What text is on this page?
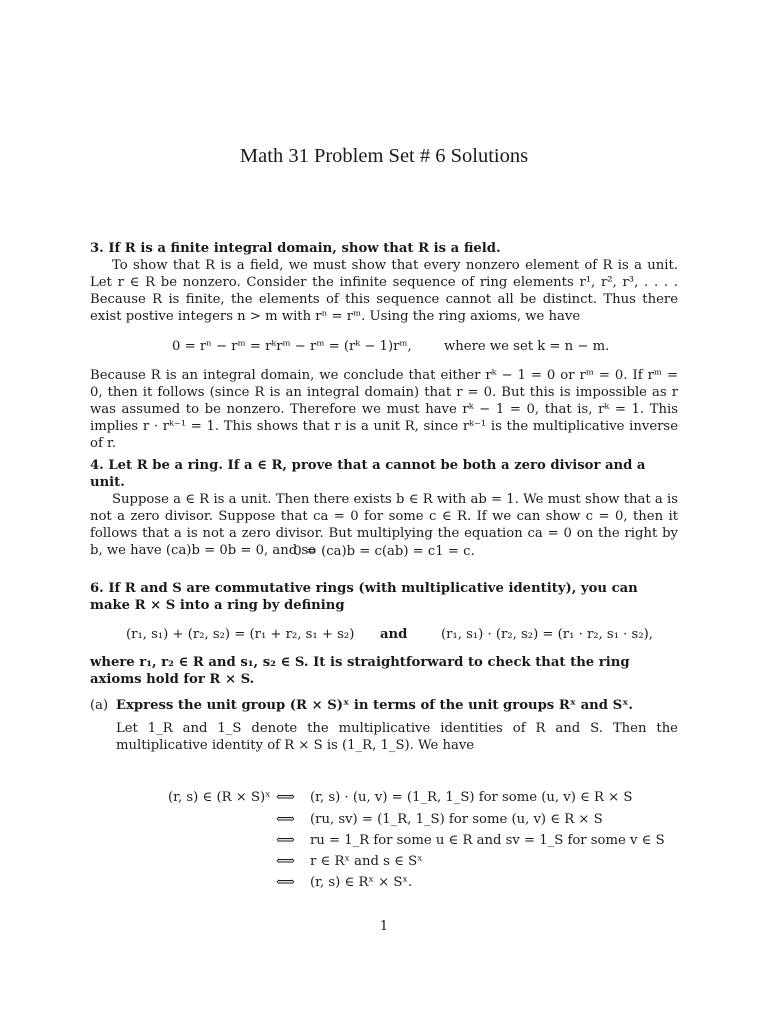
Math 31 Problem Set # 6 Solutions

3. If R is a finite integral domain, show that R is a field.

To show that R is a field, we must show that every nonzero element of R is a unit. Let r ∈ R be nonzero. Consider the infinite sequence of ring elements r¹, r², r³, . . . . Because R is finite, the elements of this sequence cannot all be distinct. Thus there exist postive integers n > m with rⁿ = rᵐ. Using the ring axioms, we have

0 = rⁿ − rᵐ = rᵏrᵐ − rᵐ = (rᵏ − 1)rᵐ, where we set k = n − m.

Because R is an integral domain, we conclude that either rᵏ − 1 = 0 or rᵐ = 0. If rᵐ = 0, then it follows (since R is an integral domain) that r = 0. But this is impossible as r was assumed to be nonzero. Therefore we must have rᵏ − 1 = 0, that is, rᵏ = 1. This implies r · rᵏ⁻¹ = 1. This shows that r is a unit R, since rᵏ⁻¹ is the multiplicative inverse of r.

4. Let R be a ring. If a ∈ R, prove that a cannot be both a zero divisor and a unit.

Suppose a ∈ R is a unit. Then there exists b ∈ R with ab = 1. We must show that a is not a zero divisor. Suppose that ca = 0 for some c ∈ R. If we can show c = 0, then it follows that a is not a zero divisor. But multiplying the equation ca = 0 on the right by b, we have (ca)b = 0b = 0, and so

0 = (ca)b = c(ab) = c1 = c.

6. If R and S are commutative rings (with multiplicative identity), you can make R × S into a ring by defining

(r₁, s₁) + (r₂, s₂) = (r₁ + r₂, s₁ + s₂) and	(r₁, s₁) · (r₂, s₂) = (r₁ · r₂, s₁ · s₂),

where r₁, r₂ ∈ R and s₁, s₂ ∈ S. It is straightforward to check that the ring axioms hold for R × S.

(a) Express the unit group (R × S)ˣ in terms of the unit groups Rˣ and Sˣ.

Let 1_R and 1_S denote the multiplicative identities of R and S. Then the multiplicative identity of R × S is (1_R, 1_S). We have

(r, s) ∈ (R × S)ˣ ⟺ (r, s) · (u, v) = (1_R, 1_S) for some (u, v) ∈ R × S
⟺ (ru, sv) = (1_R, 1_S) for some (u, v) ∈ R × S
⟺ ru = 1_R for some u ∈ R and sv = 1_S for some v ∈ S
⟺ r ∈ Rˣ and s ∈ Sˣ
⟺ (r, s) ∈ Rˣ × Sˣ.
1
